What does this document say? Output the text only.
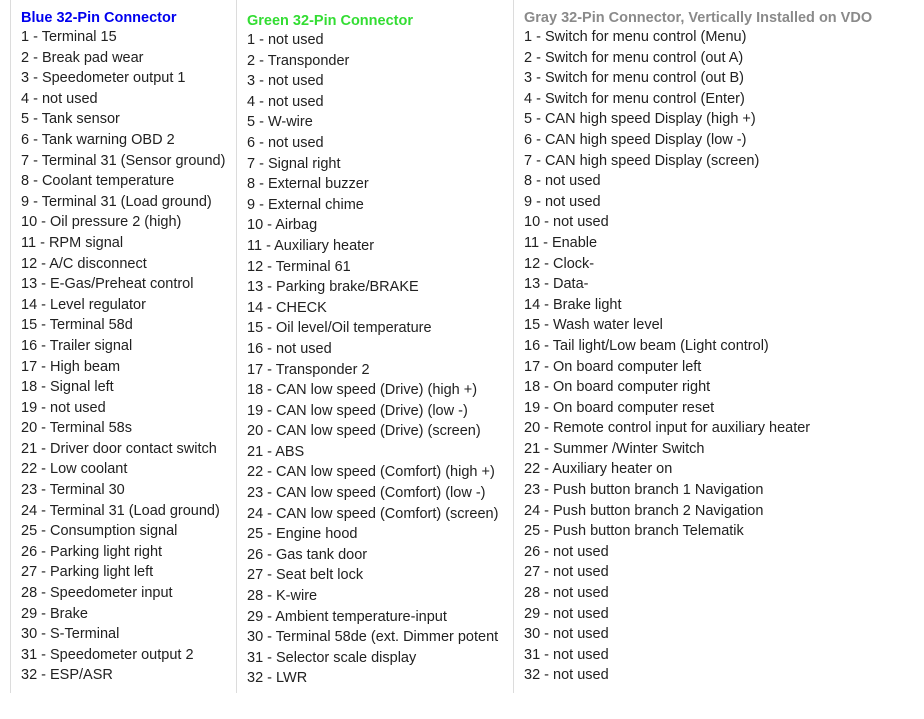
Blue 32-Pin Connector
1 - Terminal 15
2 - Break pad wear
3 - Speedometer output 1
4 - not used
5 - Tank sensor
6 - Tank warning OBD 2
7 - Terminal 31 (Sensor ground)
8 - Coolant temperature
9 - Terminal 31 (Load ground)
10 - Oil pressure 2 (high)
11 - RPM signal
12 - A/C disconnect
13 - E-Gas/Preheat control
14 - Level regulator
15 - Terminal 58d
16 - Trailer signal
17 - High beam
18 - Signal left
19 - not used
20 - Terminal 58s
21 - Driver door contact switch
22 - Low coolant
23 - Terminal 30
24 - Terminal 31 (Load ground)
25 - Consumption signal
26 - Parking light right
27 - Parking light left
28 - Speedometer input
29 - Brake
30 - S-Terminal
31 - Speedometer output 2
32 - ESP/ASR
Green 32-Pin Connector
1 - not used
2 - Transponder
3 - not used
4 - not used
5 - W-wire
6 - not used
7 - Signal right
8 - External buzzer
9 - External chime
10 - Airbag
11 - Auxiliary heater
12 - Terminal 61
13 - Parking brake/BRAKE
14 - CHECK
15 - Oil level/Oil temperature
16 - not used
17 - Transponder 2
18 - CAN low speed (Drive) (high +)
19 - CAN low speed (Drive) (low -)
20 - CAN low speed (Drive) (screen)
21 - ABS
22 - CAN low speed (Comfort) (high +)
23 - CAN low speed (Comfort) (low -)
24 - CAN low speed (Comfort) (screen)
25 - Engine hood
26 - Gas tank door
27 - Seat belt lock
28 - K-wire
29 - Ambient temperature-input
30 - Terminal 58de (ext. Dimmer potent
31 - Selector scale display
32 - LWR
Gray 32-Pin Connector, Vertically Installed on VDO
1 - Switch for menu control (Menu)
2 - Switch for menu control (out A)
3 - Switch for menu control (out B)
4 - Switch for menu control (Enter)
5 - CAN high speed Display (high +)
6 - CAN high speed Display (low -)
7 - CAN high speed Display (screen)
8 - not used
9 - not used
10 - not used
11 - Enable
12 - Clock-
13 - Data-
14 - Brake light
15 - Wash water level
16 - Tail light/Low beam (Light control)
17 - On board computer left
18 - On board computer right
19 - On board computer reset
20 - Remote control input for auxiliary heater
21 - Summer /Winter Switch
22 - Auxiliary heater on
23 - Push button branch 1 Navigation
24 - Push button branch 2 Navigation
25 - Push button branch Telematik
26 - not used
27 - not used
28 - not used
29 - not used
30 - not used
31 - not used
32 - not used
